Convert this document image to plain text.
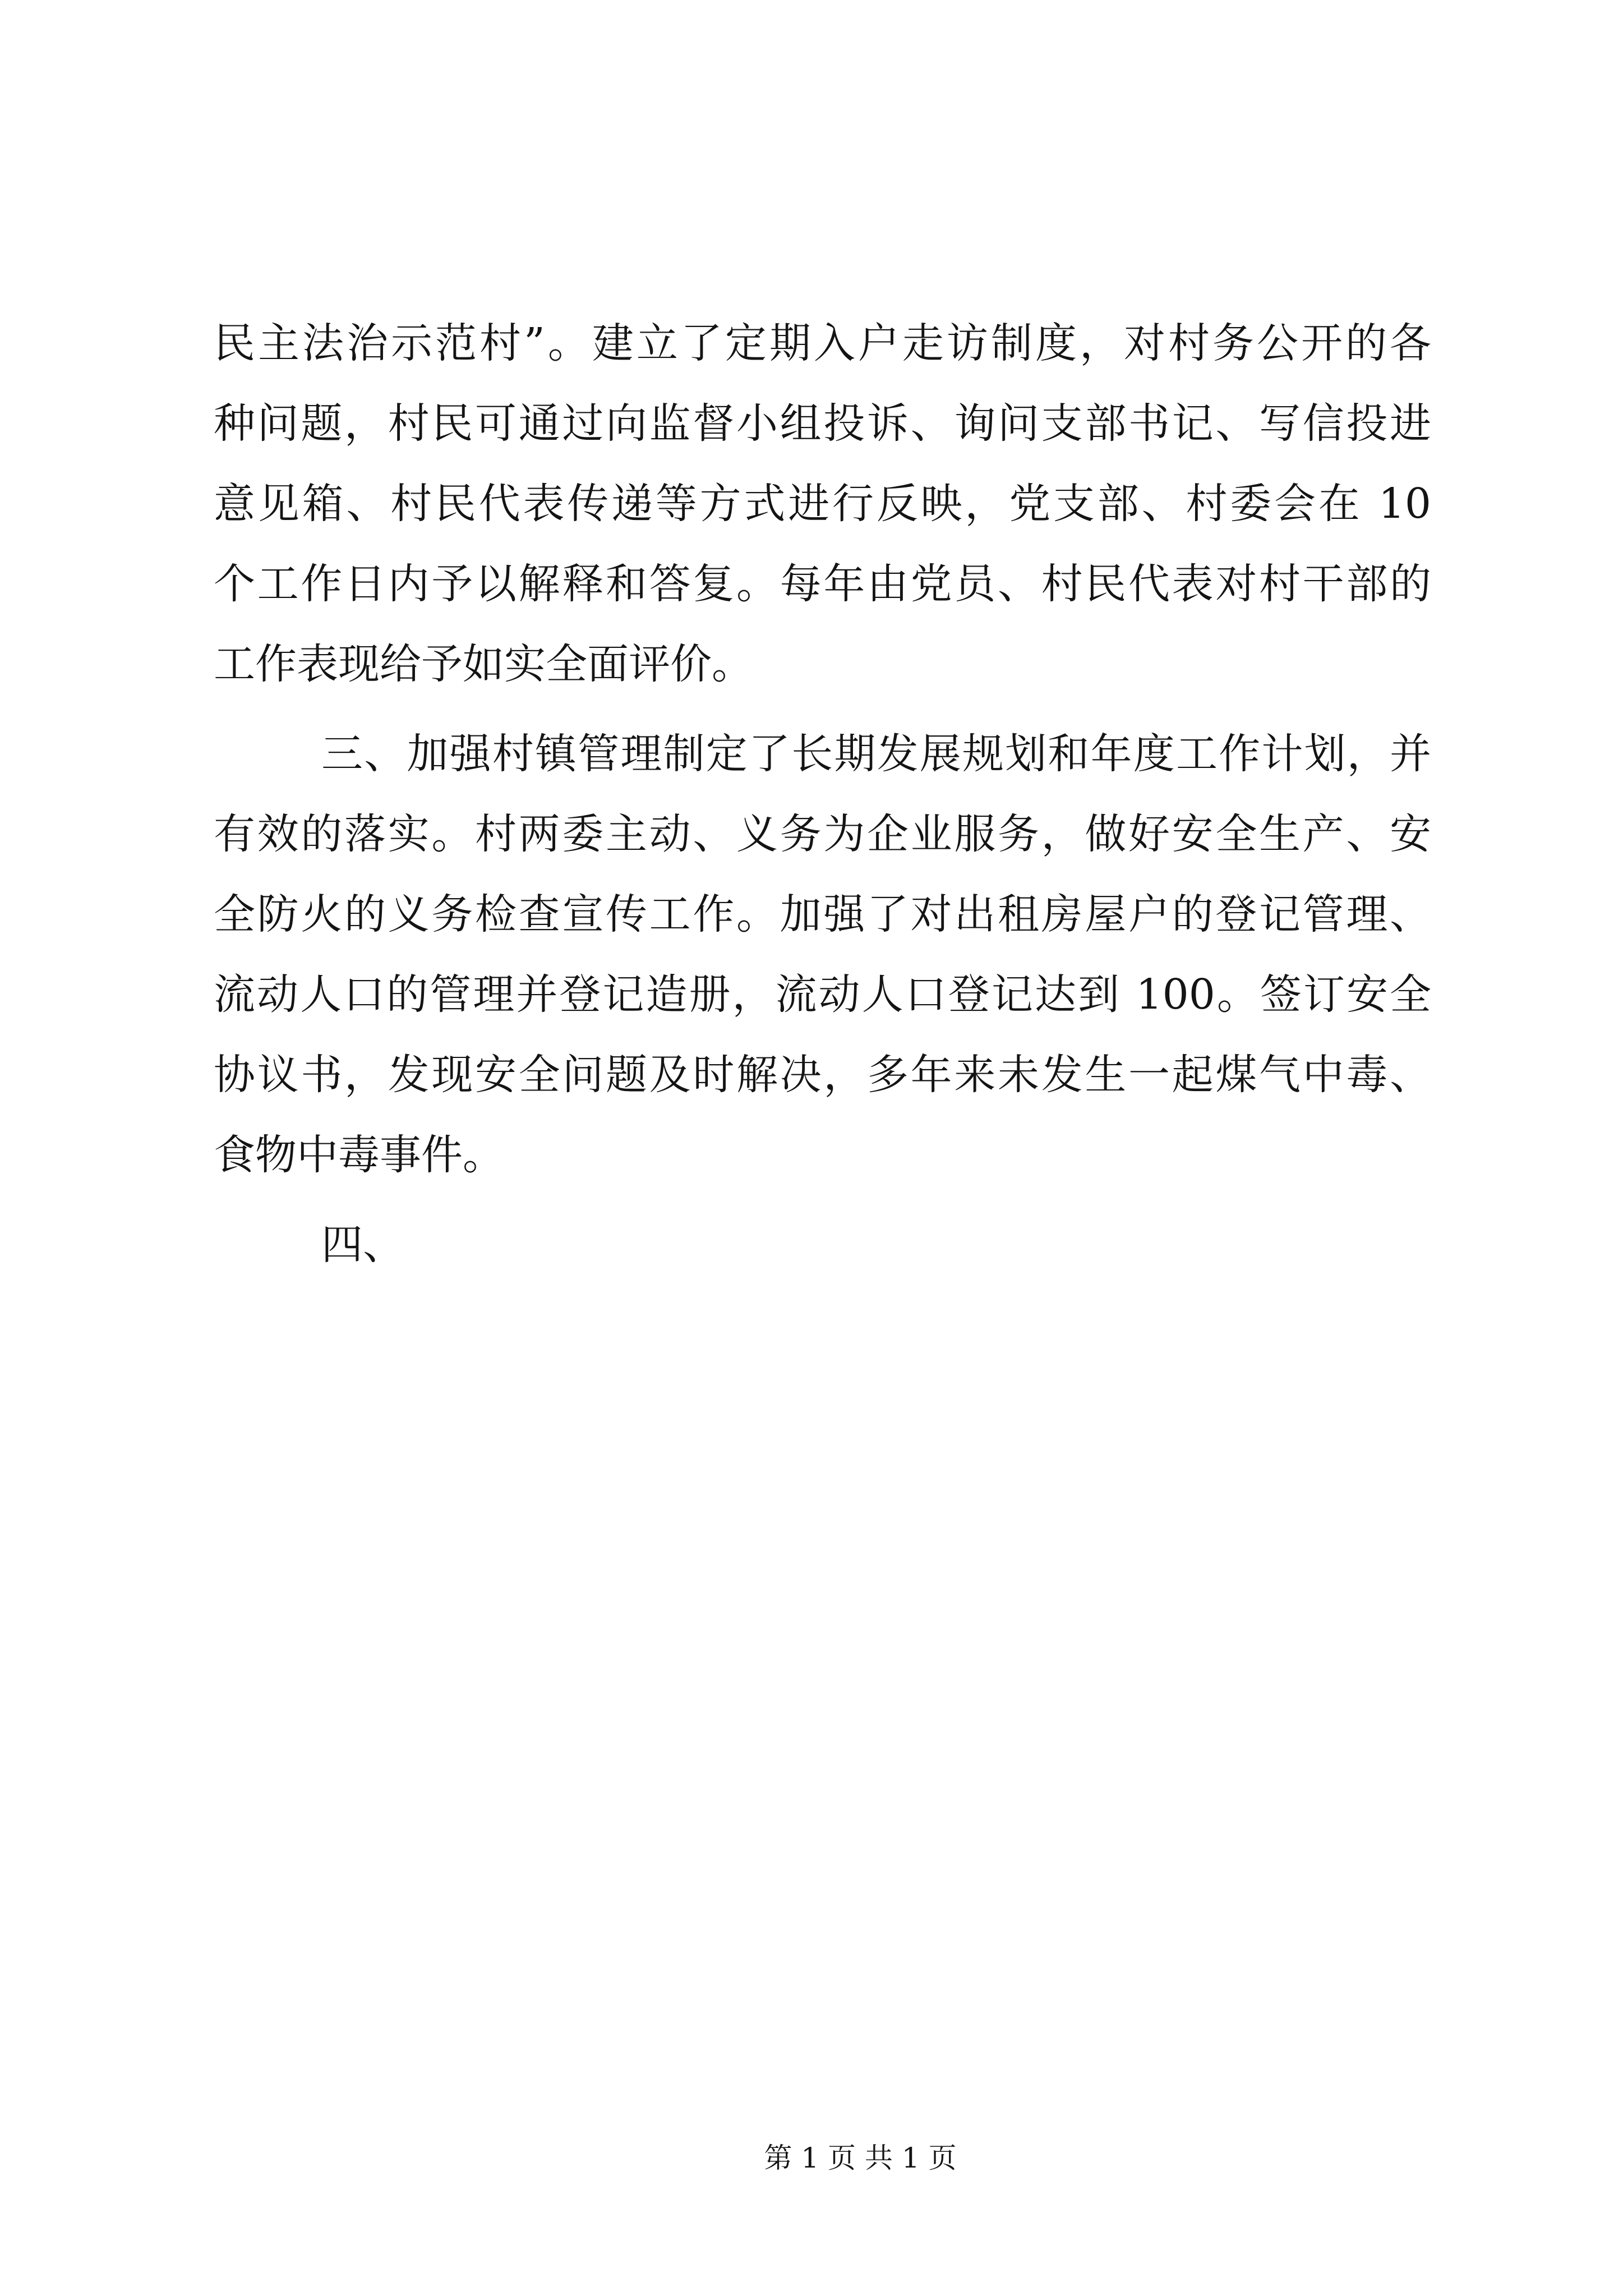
民主法治示范村”。建立了定期入户走访制度，对村务公开的各
种问题，村民可通过向监督小组投诉、询问支部书记、写信投进
意见箱、村民代表传递等方式进行反映，党支部、村委会在 10
个工作日内予以解释和答复。每年由党员、村民代表对村干部的
工作表现给予如实全面评价。
三、加强村镇管理制定了长期发展规划和年度工作计划，并
有效的落实。村两委主动、义务为企业服务，做好安全生产、安
全防火的义务检查宣传工作。加强了对出租房屋户的登记管理、
流动人口的管理并登记造册，流动人口登记达到 100。签订安全
协议书，发现安全问题及时解决，多年来未发生一起煤气中毒、
食物中毒事件。
四、
第 1 页 共 1 页
